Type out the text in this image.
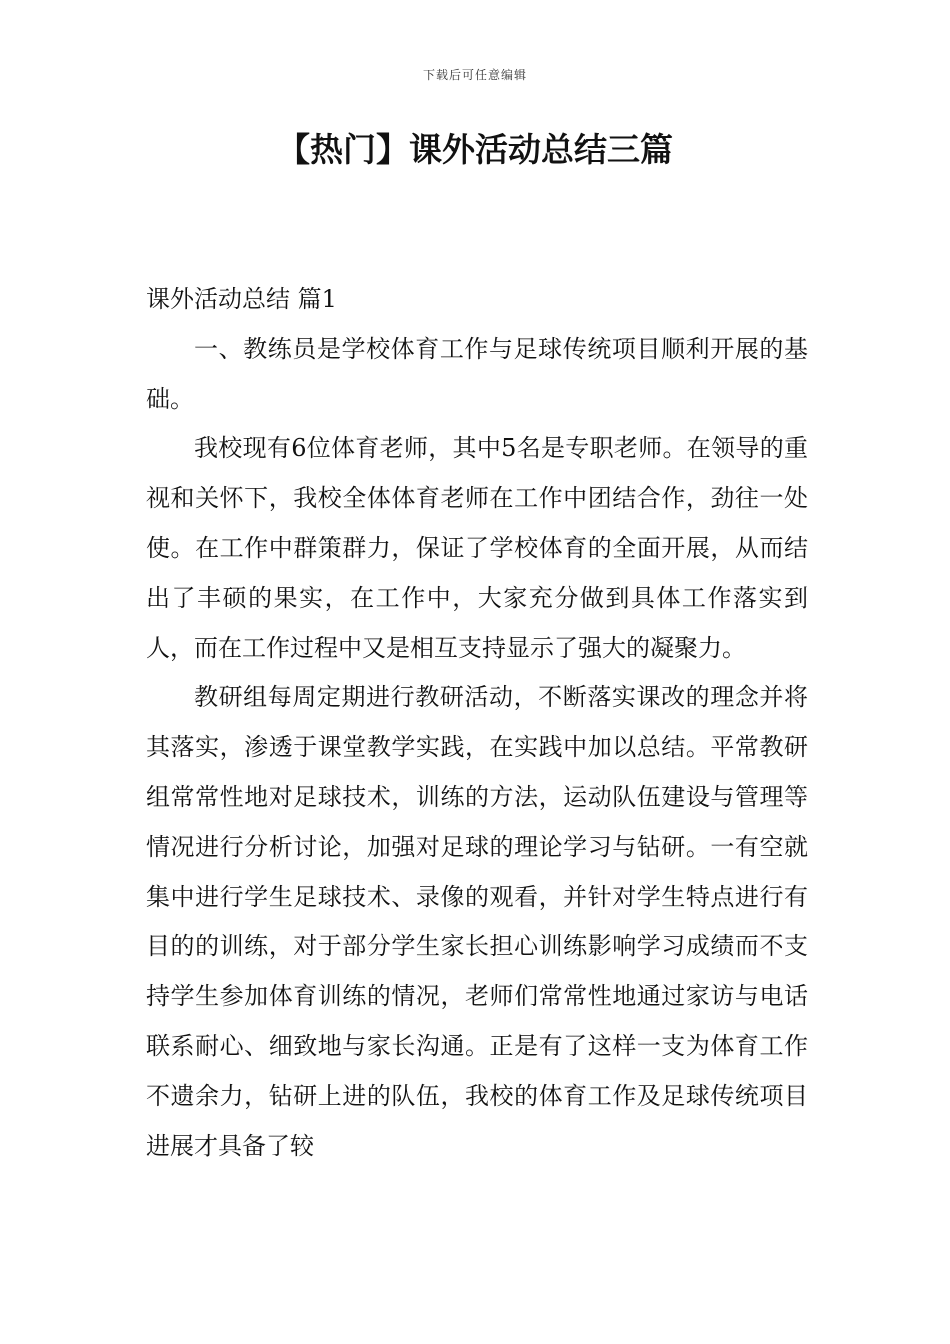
下载后可任意编辑
【热门】课外活动总结三篇
课外活动总结 篇1

一、教练员是学校体育工作与足球传统项目顺利开展的基础。

我校现有6位体育老师，其中5名是专职老师。在领导的重视和关怀下，我校全体体育老师在工作中团结合作，劲往一处使。在工作中群策群力，保证了学校体育的全面开展，从而结出了丰硕的果实，在工作中，大家充分做到具体工作落实到人，而在工作过程中又是相互支持显示了强大的凝聚力。

教研组每周定期进行教研活动，不断落实课改的理念并将其落实，渗透于课堂教学实践，在实践中加以总结。平常教研组常常性地对足球技术，训练的方法，运动队伍建设与管理等情况进行分析讨论，加强对足球的理论学习与钻研。一有空就集中进行学生足球技术、录像的观看，并针对学生特点进行有目的的训练，对于部分学生家长担心训练影响学习成绩而不支持学生参加体育训练的情况，老师们常常性地通过家访与电话联系耐心、细致地与家长沟通。正是有了这样一支为体育工作不遗余力，钻研上进的队伍，我校的体育工作及足球传统项目进展才具备了较
